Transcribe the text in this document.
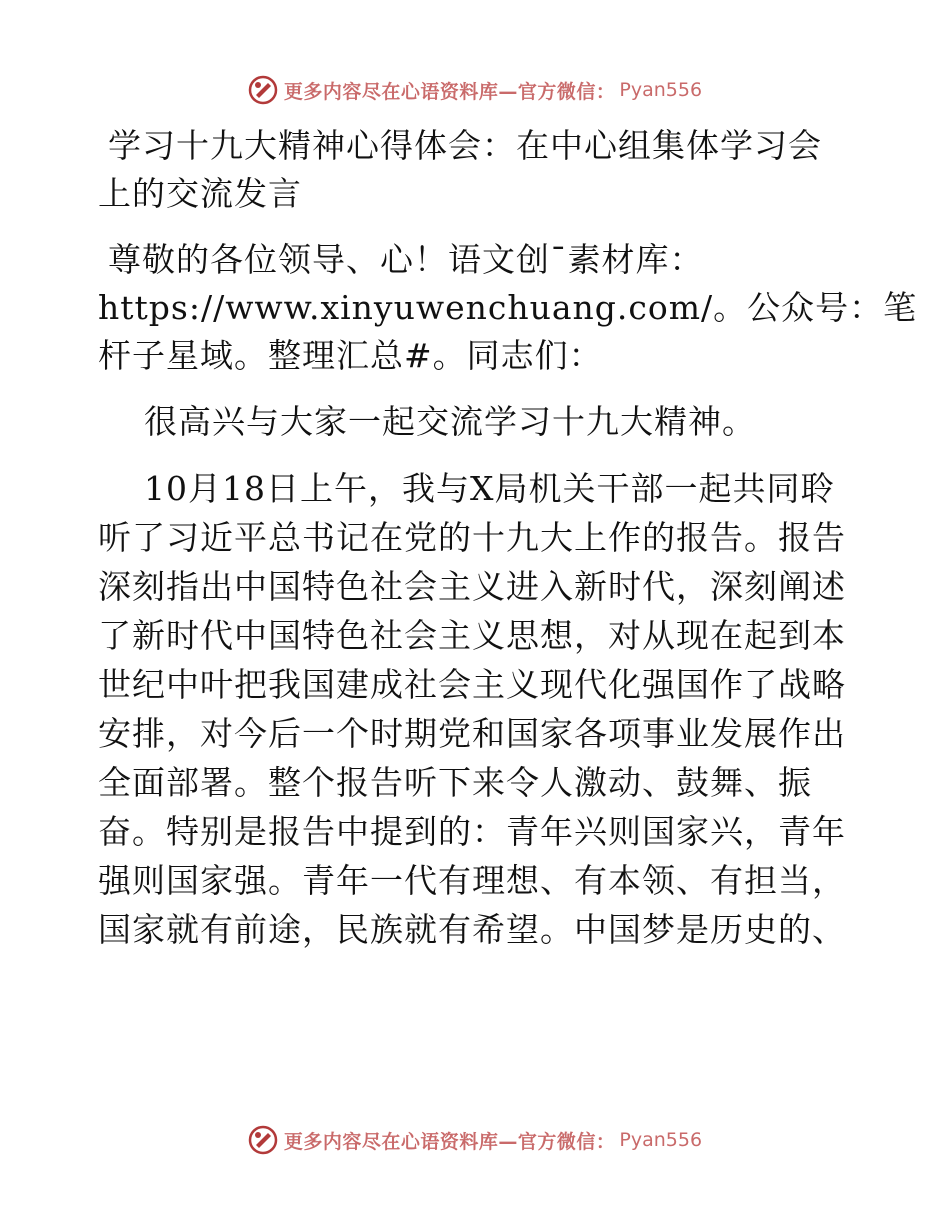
更多内容尽在心语资料库—官方微信： Pyan556
学习十九大精神心得体会：在中心组集体学习会
上的交流发言

尊敬的各位领导、心！语文创¯素材库：
https://www.xinyuwenchuang.com/。公众号：笔
杆子星域。整理汇总#。同志们：

很高兴与大家一起交流学习十九大精神。

10月18日上午，我与X局机关干部一起共同聆
听了习近平总书记在党的十九大上作的报告。报告
深刻指出中国特色社会主义进入新时代，深刻阐述
了新时代中国特色社会主义思想，对从现在起到本
世纪中叶把我国建成社会主义现代化强国作了战略
安排，对今后一个时期党和国家各项事业发展作出
全面部署。整个报告听下来令人激动、鼓舞、振
奋。特别是报告中提到的：青年兴则国家兴，青年
强则国家强。青年一代有理想、有本领、有担当，
国家就有前途，民族就有希望。中国梦是历史的、

更多内容尽在心语资料库—官方微信： Pyan556
